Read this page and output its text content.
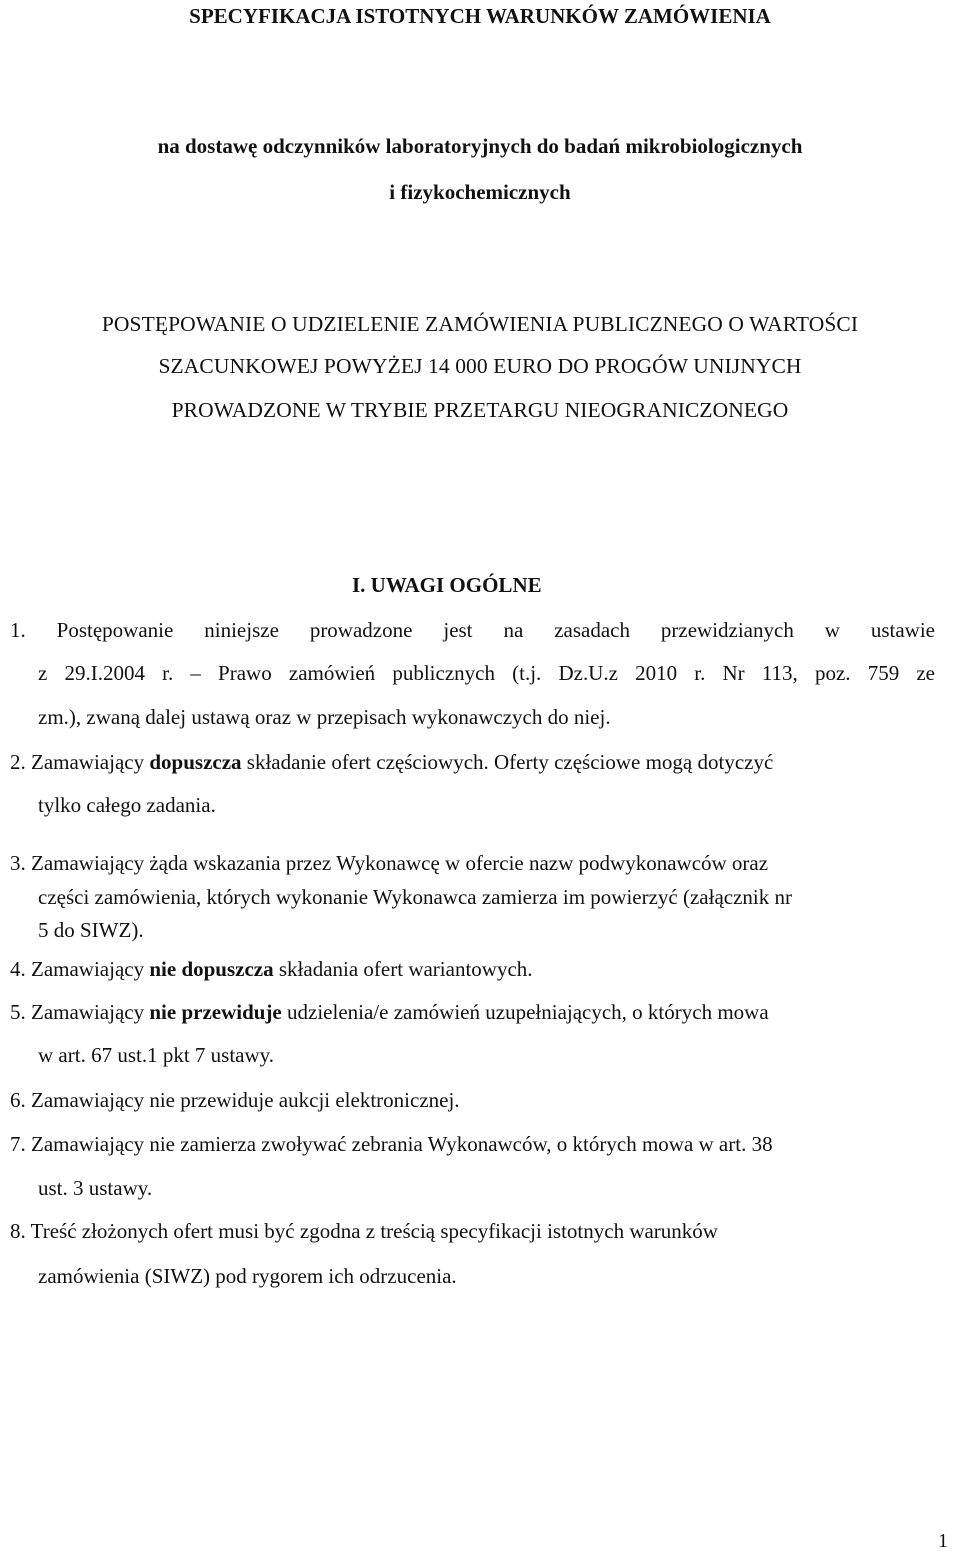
SPECYFIKACJA ISTOTNYCH WARUNKÓW ZAMÓWIENIA
na dostawę odczynników laboratoryjnych do badań mikrobiologicznych
i fizykochemicznych
POSTĘPOWANIE O UDZIELENIE ZAMÓWIENIA PUBLICZNEGO O WARTOŚCI
SZACUNKOWEJ POWYŻEJ 14 000 EURO DO PROGÓW UNIJNYCH
PROWADZONE W TRYBIE PRZETARGU NIEOGRANICZONEGO
I. UWAGI OGÓLNE
1. Postępowanie niniejsze prowadzone jest na zasadach przewidzianych w ustawie
z 29.I.2004 r. – Prawo zamówień publicznych (t.j. Dz.U.z 2010 r. Nr 113, poz. 759 ze
zm.), zwaną dalej ustawą oraz w przepisach wykonawczych do niej.
2. Zamawiający dopuszcza składanie ofert częściowych. Oferty częściowe mogą dotyczyć
tylko całego zadania.
3. Zamawiający żąda wskazania przez Wykonawcę w ofercie nazw podwykonawców oraz
części zamówienia, których wykonanie Wykonawca zamierza im powierzyć (załącznik nr
5 do SIWZ).
4. Zamawiający nie dopuszcza składania ofert wariantowych.
5. Zamawiający nie przewiduje udzielenia/e zamówień uzupełniających, o których mowa
w art. 67 ust.1 pkt 7 ustawy.
6. Zamawiający nie przewiduje aukcji elektronicznej.
7. Zamawiający nie zamierza zwoływać zebrania Wykonawców, o których mowa w art. 38
ust. 3 ustawy.
8. Treść złożonych ofert musi być zgodna z treścią specyfikacji istotnych warunków
zamówienia (SIWZ) pod rygorem ich odrzucenia.
1
